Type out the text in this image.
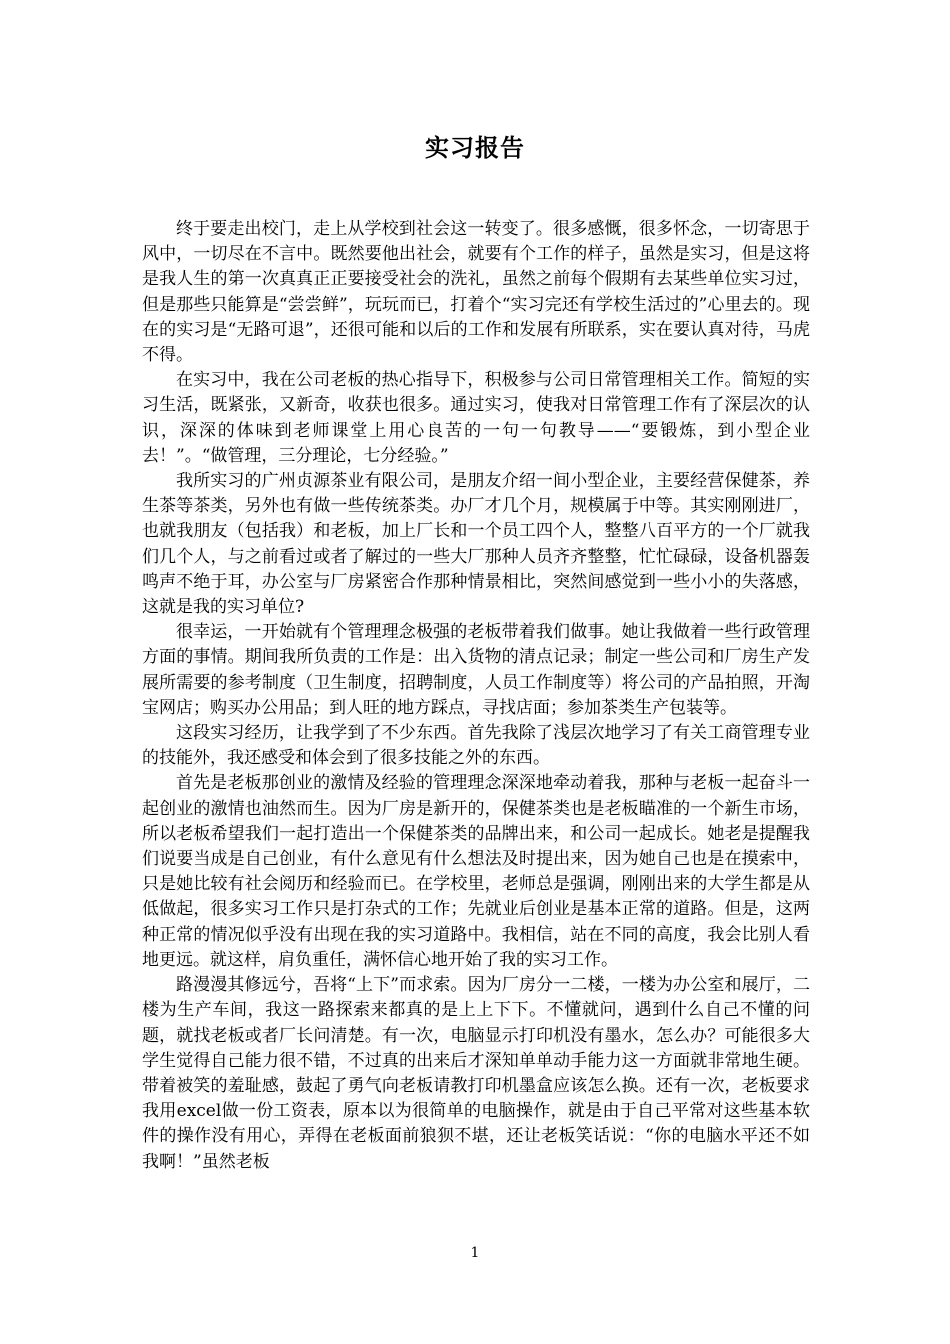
实习报告

终于要走出校门，走上从学校到社会这一转变了。很多感慨，很多怀念，一切寄思于风中，一切尽在不言中。既然要他出社会，就要有个工作的样子，虽然是实习，但是这将是我人生的第一次真真正正要接受社会的洗礼，虽然之前每个假期有去某些单位实习过，但是那些只能算是“尝尝鲜”，玩玩而已，打着个“实习完还有学校生活过的”心里去的。现在的实习是“无路可退”，还很可能和以后的工作和发展有所联系，实在要认真对待，马虎不得。

在实习中，我在公司老板的热心指导下，积极参与公司日常管理相关工作。简短的实习生活，既紧张，又新奇，收获也很多。通过实习，使我对日常管理工作有了深层次的认识，深深的体味到老师课堂上用心良苦的一句一句教导——“要锻炼，到小型企业去！”。“做管理，三分理论，七分经验。”

我所实习的广州贞源茶业有限公司，是朋友介绍一间小型企业，主要经营保健茶，养生茶等茶类，另外也有做一些传统茶类。办厂才几个月，规模属于中等。其实刚刚进厂，也就我朋友（包括我）和老板，加上厂长和一个员工四个人，整整八百平方的一个厂就我们几个人，与之前看过或者了解过的一些大厂那种人员齐齐整整，忙忙碌碌，设备机器轰鸣声不绝于耳，办公室与厂房紧密合作那种情景相比，突然间感觉到一些小小的失落感，这就是我的实习单位?

很幸运，一开始就有个管理理念极强的老板带着我们做事。她让我做着一些行政管理方面的事情。期间我所负责的工作是：出入货物的清点记录；制定一些公司和厂房生产发展所需要的参考制度（卫生制度，招聘制度，人员工作制度等）将公司的产品拍照，开淘宝网店；购买办公用品；到人旺的地方踩点，寻找店面；参加茶类生产包装等。

这段实习经历，让我学到了不少东西。首先我除了浅层次地学习了有关工商管理专业的技能外，我还感受和体会到了很多技能之外的东西。

首先是老板那创业的激情及经验的管理理念深深地牵动着我，那种与老板一起奋斗一起创业的激情也油然而生。因为厂房是新开的，保健茶类也是老板瞄准的一个新生市场，所以老板希望我们一起打造出一个保健茶类的品牌出来，和公司一起成长。她老是提醒我们说要当成是自己创业，有什么意见有什么想法及时提出来，因为她自己也是在摸索中，只是她比较有社会阅历和经验而已。在学校里，老师总是强调，刚刚出来的大学生都是从低做起，很多实习工作只是打杂式的工作；先就业后创业是基本正常的道路。但是，这两种正常的情况似乎没有出现在我的实习道路中。我相信，站在不同的高度，我会比别人看地更远。就这样，肩负重任，满怀信心地开始了我的实习工作。

路漫漫其修远兮，吾将“上下”而求索。因为厂房分一二楼，一楼为办公室和展厅，二楼为生产车间，我这一路探索来都真的是上上下下。不懂就问，遇到什么自己不懂的问题，就找老板或者厂长问清楚。有一次，电脑显示打印机没有墨水，怎么办？可能很多大学生觉得自己能力很不错，不过真的出来后才深知单单动手能力这一方面就非常地生硬。带着被笑的羞耻感，鼓起了勇气向老板请教打印机墨盒应该怎么换。还有一次，老板要求我用excel做一份工资表，原本以为很简单的电脑操作，就是由于自己平常对这些基本软件的操作没有用心，弄得在老板面前狼狈不堪，还让老板笑话说：“你的电脑水平还不如我啊！”虽然老板

1
